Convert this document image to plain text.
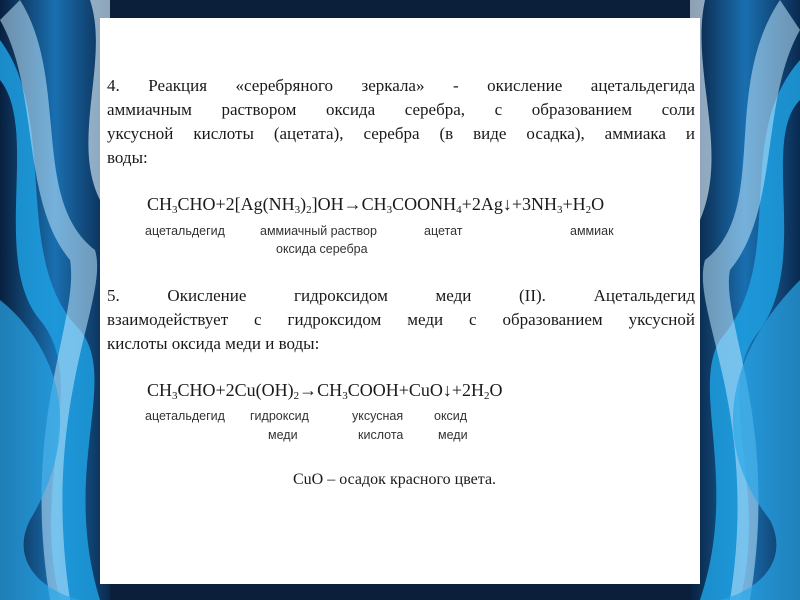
4. Реакция «серебряного зеркала» - окисление ацетальдегида
аммиачным раствором оксида серебра, с образованием соли
уксусной кислоты (ацетата), серебра (в виде осадка), аммиака и
воды:
$CH_3CHO+2[Ag(NH_3)_2]OH\to CH_3COONH_4+2Ag↓+3NH_3+H_2O$
ацетальдегид	аммиачный раствор
оксида серебра
ацетат	аммиак
5. Окисление гидроксидом меди (II). Ацетальдегид
взаимодействует с гидроксидом меди с образованием уксусной
кислоты оксида меди и воды:
$CH_3CHO+2Cu(OH)_2\to CH_3COOH+CuO↓+2H_2O$
ацетальдегид гидроксид
меди
уксусная
кислота
оксид
меди
CuO – осадок красного цвета.
